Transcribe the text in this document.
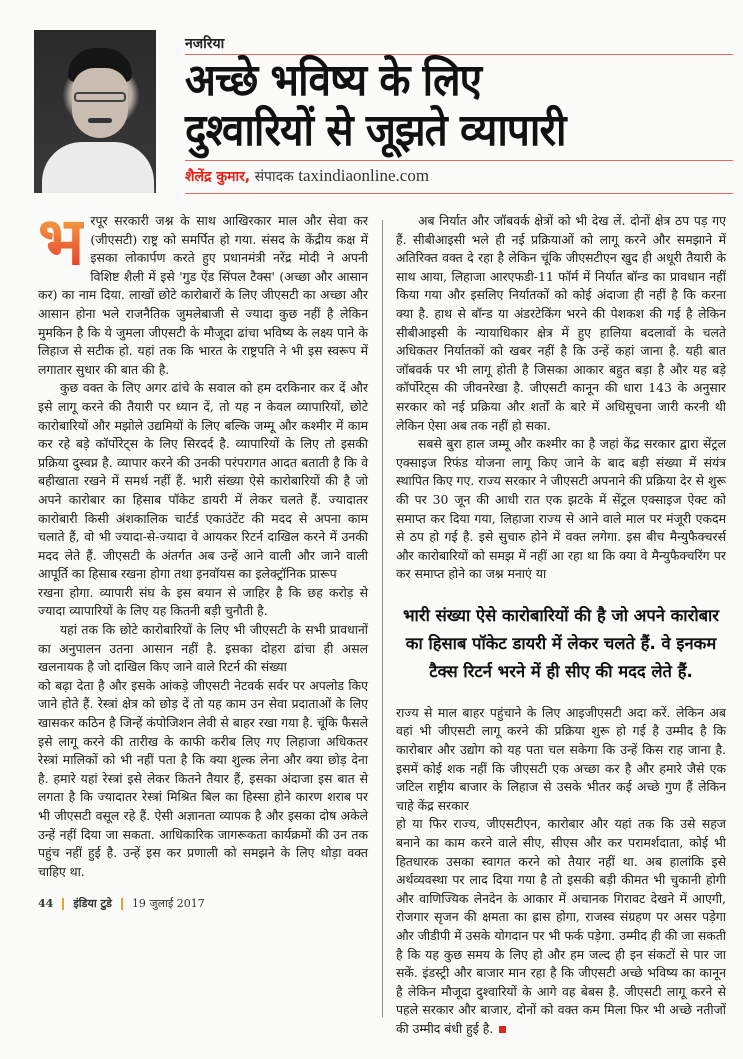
नजरिया
अच्छे भविष्य के लिए
दुश्वारियों से जूझते व्यापारी
शैलेंद्र कुमार, संपादक taxindiaonline.com

भ रपूर सरकारी जश्न के साथ आखिरकार माल और सेवा कर (जीएसटी) राष्ट्र को समर्पित हो गया. संसद के केंद्रीय कक्ष में इसका लोकार्पण करते हुए प्रधानमंत्री नरेंद्र मोदी ने अपनी विशिष्ट शैली में इसे 'गुड ऐंड सिंपल टैक्स' (अच्छा और आसान कर) का नाम दिया. लाखों छोटे कारोबारों के लिए जीएसटी का अच्छा और आसान होना भले राजनैतिक जुमलेबाजी से ज्यादा कुछ नहीं है लेकिन मुमकिन है कि ये जुमला जीएसटी के मौजूदा ढांचा भविष्य के लक्ष्य पाने के लिहाज से सटीक हो. यहां तक कि भारत के राष्ट्रपति ने भी इस स्वरूप में लगातार सुधार की बात की है.

कुछ वक्त के लिए अगर ढांचे के सवाल को हम दरकिनार कर दें और इसे लागू करने की तैयारी पर ध्यान दें, तो यह न केवल व्यापारियों, छोटे कारोबारियों और मझोले उद्यमियों के लिए बल्कि जम्मू और कश्मीर में काम कर रहे बड़े कॉर्पोरेट्स के लिए सिरदर्द है. व्यापारियों के लिए तो इसकी प्रक्रिया दुस्वप्न है. व्यापार करने की उनकी परंपरागत आदत बताती है कि वे बहीखाता रखने में समर्थ नहीं हैं. भारी संख्या ऐसे कारोबारियों की है जो अपने कारोबार का हिसाब पॉकेट डायरी में लेकर चलते हैं. ज्यादातर कारोबारी किसी अंशकालिक चार्टर्ड एकाउंटेंट की मदद से अपना काम चलाते हैं, वो भी ज्यादा-से-ज्यादा वे आयकर रिटर्न दाखिल करने में उनकी मदद लेते हैं. जीएसटी के अंतर्गत अब उन्हें आने वाली और जाने वाली आपूर्ति का हिसाब रखना होगा तथा इनवॉयस का इलेक्ट्रॉनिक प्रारूप

रखना होगा. व्यापारी संघ के इस बयान से जाहिर है कि छह करोड़ से ज्यादा व्यापारियों के लिए यह कितनी बड़ी चुनौती है.

यहां तक कि छोटे कारोबारियों के लिए भी जीएसटी के सभी प्रावधानों का अनुपालन उतना आसान नहीं है. इसका दोहरा ढांचा ही असल खलनायक है जो दाखिल किए जाने वाले रिटर्न की संख्या

को बढ़ा देता है और इसके आंकड़े जीएसटी नेटवर्क सर्वर पर अपलोड किए जाने होते हैं. रेस्त्रां क्षेत्र को छोड़ दें तो यह काम उन सेवा प्रदाताओं के लिए खासकर कठिन है जिन्हें कंपोजिशन लेवी से बाहर रखा गया है. चूंकि फैसले इसे लागू करने की तारीख के काफी करीब लिए गए लिहाजा अधिकतर रेस्त्रां मालिकों को भी नहीं पता है कि क्या शुल्क लेना और क्या छोड़ देना है. हमारे यहां रेस्त्रां इसे लेकर कितने तैयार हैं, इसका अंदाजा इस बात से लगता है कि ज्यादातर रेस्त्रां मिश्रित बिल का हिस्सा होने कारण शराब पर भी जीएसटी वसूल रहे हैं. ऐसी अज्ञानता व्यापक है और इसका दोष अकेले उन्हें नहीं दिया जा सकता. आधिकारिक जागरूकता कार्यक्रमों की उन तक पहुंच नहीं हुई है. उन्हें इस कर प्रणाली को समझने के लिए थोड़ा वक्त चाहिए था.

44 इंडिया टुडे 19 जुलाई 2017

अब निर्यात और जॉबवर्क क्षेत्रों को भी देख लें. दोनों क्षेत्र ठप पड़ गए हैं. सीबीआइसी भले ही नई प्रक्रियाओं को लागू करने और समझाने में अतिरिक्त वक्त दे रहा है लेकिन चूंकि जीएसटीएन खुद ही अधूरी तैयारी के साथ आया, लिहाजा आरएफडी-11 फॉर्म में निर्यात बॉन्ड का प्रावधान नहीं किया गया और इसलिए निर्यातकों को कोई अंदाजा ही नहीं है कि करना क्या है. हाथ से बॉन्ड या अंडरटेकिंग भरने की पेशकश की गई है लेकिन सीबीआइसी के न्यायाधिकार क्षेत्र में हुए हालिया बदलावों के चलते अधिकतर निर्यातकों को खबर नहीं है कि उन्हें कहां जाना है. यही बात जॉबवर्क पर भी लागू होती है जिसका आकार बहुत बड़ा है और यह बड़े कॉर्पोरेट्स की जीवनरेखा है. जीएसटी कानून की धारा 143 के अनुसार सरकार को नई प्रक्रिया और शर्तों के बारे में अधिसूचना जारी करनी थी लेकिन ऐसा अब तक नहीं हो सका.

सबसे बुरा हाल जम्मू और कश्मीर का है जहां केंद्र सरकार द्वारा सेंट्रल एक्साइज रिफंड योजना लागू किए जाने के बाद बड़ी संख्या में संयंत्र स्थापित किए गए. राज्य सरकार ने जीएसटी अपनाने की प्रक्रिया देर से शुरू की पर 30 जून की आधी रात एक झटके में सेंट्रल एक्साइज ऐक्ट को समाप्त कर दिया गया, लिहाजा राज्य से आने वाले माल पर मंजूरी एकदम से ठप हो गई है. इसे सुचारु होने में वक्त लगेगा. इस बीच मैन्युफैक्चरर्स और कारोबारियों को समझ में नहीं आ रहा था कि क्या वे मैन्युफैक्चरिंग पर कर समाप्त होने का जश्न मनाएं या

भारी संख्या ऐसे कारोबारियों की है जो अपने कारोबार का हिसाब पॉकेट डायरी में लेकर चलते हैं. वे इनकम टैक्स रिटर्न भरने में ही सीए की मदद लेते हैं.

राज्य से माल बाहर पहुंचाने के लिए आइजीएसटी अदा करें. लेकिन अब वहां भी जीएसटी लागू करने की प्रक्रिया शुरू हो गई है उम्मीद है कि कारोबार और उद्योग को यह पता चल सकेगा कि उन्हें किस राह जाना है. इसमें कोई शक नहीं कि जीएसटी एक अच्छा कर है और हमारे जैसे एक जटिल राष्ट्रीय बाजार के लिहाज से उसके भीतर कई अच्छे गुण हैं लेकिन चाहे केंद्र सरकार

हो या फिर राज्य, जीएसटीएन, कारोबार और यहां तक कि उसे सहज बनाने का काम करने वाले सीए, सीएस और कर परामर्शदाता, कोई भी हितधारक उसका स्वागत करने को तैयार नहीं था. अब हालांकि इसे अर्थव्यवस्था पर लाद दिया गया है तो इसकी बड़ी कीमत भी चुकानी होगी और वाणिज्यिक लेनदेन के आकार में अचानक गिरावट देखने में आएगी, रोजगार सृजन की क्षमता का ह्रास होगा, राजस्व संग्रहण पर असर पड़ेगा और जीडीपी में उसके योगदान पर भी फर्क पड़ेगा. उम्मीद ही की जा सकती है कि यह कुछ समय के लिए हो और हम जल्द ही इन संकटों से पार जा सकें. इंडस्ट्री और बाजार मान रहा है कि जीएसटी अच्छे भविष्य का कानून है लेकिन मौजूदा दुश्वारियों के आगे वह बेबस है. जीएसटी लागू करने से पहले सरकार और बाजार, दोनों को वक्त कम मिला फिर भी अच्छे नतीजों की उम्मीद बंधी हुई है.
